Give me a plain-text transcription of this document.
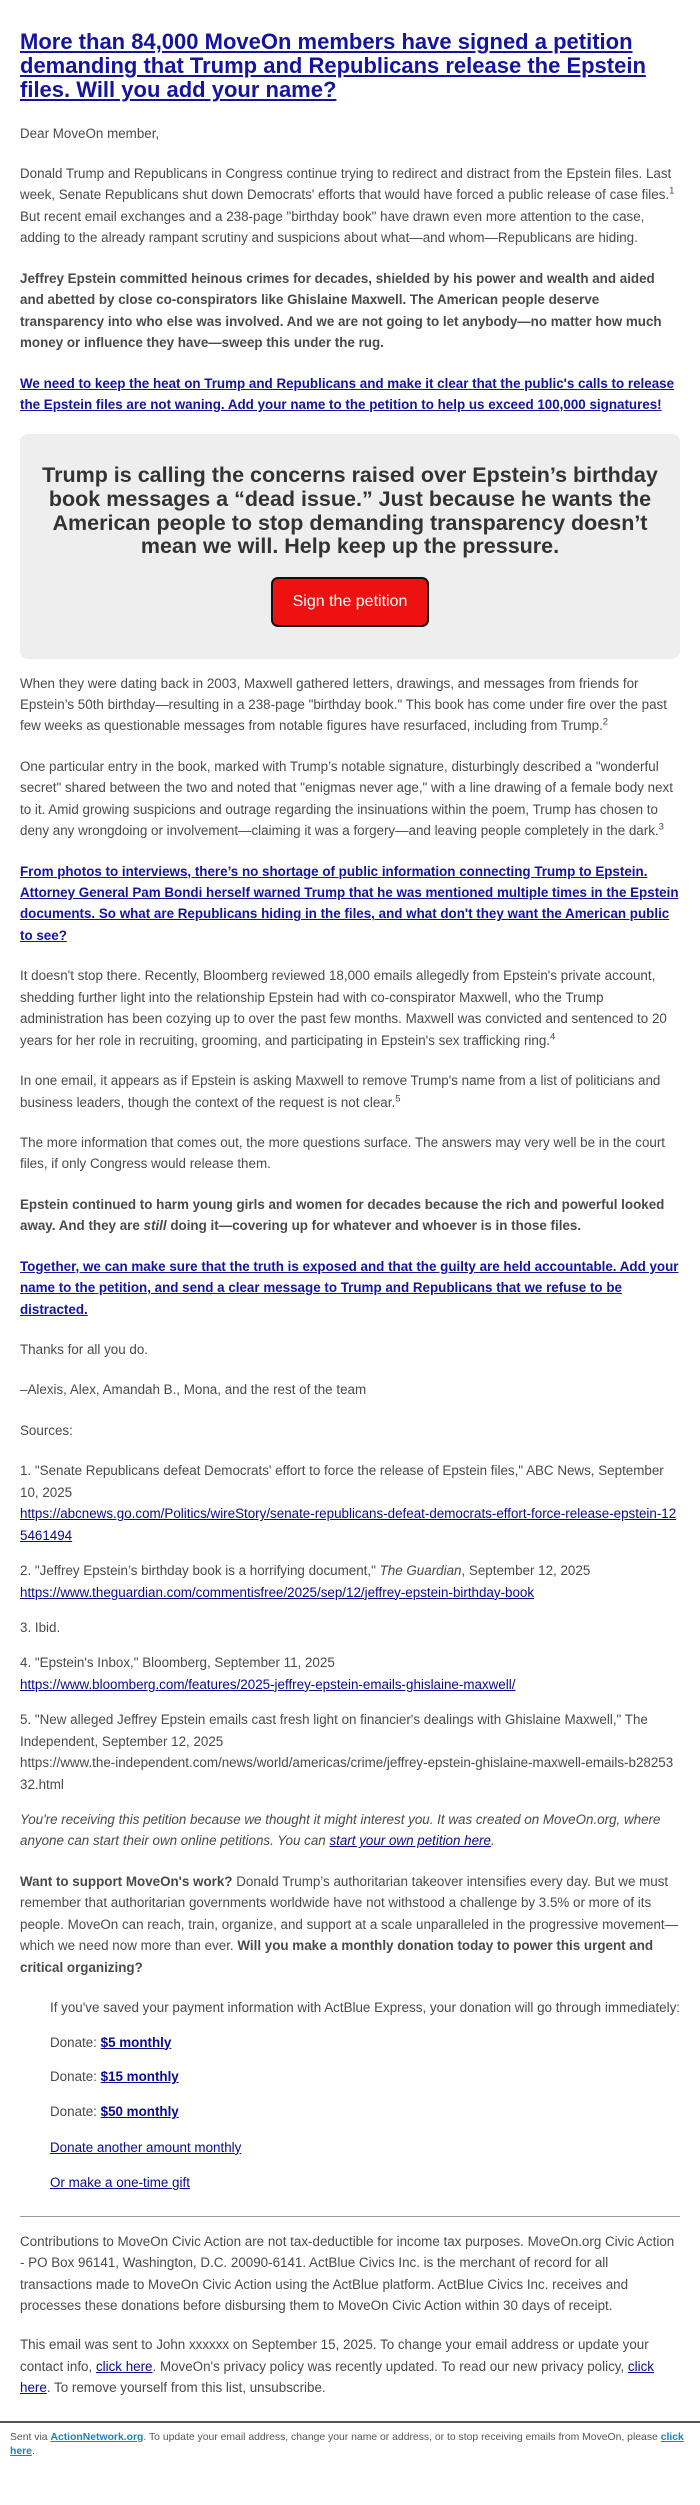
More than 84,000 MoveOn members have signed a petition demanding that Trump and Republicans release the Epstein files. Will you add your name?

Dear MoveOn member,

Donald Trump and Republicans in Congress continue trying to redirect and distract from the Epstein files. Last week, Senate Republicans shut down Democrats' efforts that would have forced a public release of case files.$^1$ But recent email exchanges and a 238-page "birthday book" have drawn even more attention to the case, adding to the already rampant scrutiny and suspicions about what—and whom—Republicans are hiding.

Jeffrey Epstein committed heinous crimes for decades, shielded by his power and wealth and aided and abetted by close co-conspirators like Ghislaine Maxwell. The American people deserve transparency into who else was involved. And we are not going to let anybody—no matter how much money or influence they have—sweep this under the rug.

We need to keep the heat on Trump and Republicans and make it clear that the public's calls to release the Epstein files are not waning. Add your name to the petition to help us exceed 100,000 signatures!

Trump is calling the concerns raised over Epstein’s birthday book messages a “dead issue.” Just because he wants the American people to stop demanding transparency doesn’t mean we will. Help keep up the pressure.
Sign the petition

When they were dating back in 2003, Maxwell gathered letters, drawings, and messages from friends for Epstein’s 50th birthday—resulting in a 238-page "birthday book." This book has come under fire over the past few weeks as questionable messages from notable figures have resurfaced, including from Trump.$^2$

One particular entry in the book, marked with Trump’s notable signature, disturbingly described a "wonderful secret" shared between the two and noted that "enigmas never age," with a line drawing of a female body next to it. Amid growing suspicions and outrage regarding the insinuations within the poem, Trump has chosen to deny any wrongdoing or involvement—claiming it was a forgery—and leaving people completely in the dark.$^3$

From photos to interviews, there’s no shortage of public information connecting Trump to Epstein. Attorney General Pam Bondi herself warned Trump that he was mentioned multiple times in the Epstein documents. So what are Republicans hiding in the files, and what don't they want the American public to see?

It doesn't stop there. Recently, Bloomberg reviewed 18,000 emails allegedly from Epstein's private account, shedding further light into the relationship Epstein had with co-conspirator Maxwell, who the Trump administration has been cozying up to over the past few months. Maxwell was convicted and sentenced to 20 years for her role in recruiting, grooming, and participating in Epstein's sex trafficking ring.$^4$

In one email, it appears as if Epstein is asking Maxwell to remove Trump's name from a list of politicians and business leaders, though the context of the request is not clear.$^5$

The more information that comes out, the more questions surface. The answers may very well be in the court files, if only Congress would release them.

Epstein continued to harm young girls and women for decades because the rich and powerful looked away. And they are still doing it—covering up for whatever and whoever is in those files.

Together, we can make sure that the truth is exposed and that the guilty are held accountable. Add your name to the petition, and send a clear message to Trump and Republicans that we refuse to be distracted.

Thanks for all you do.

–Alexis, Alex, Amandah B., Mona, and the rest of the team

Sources:

1. "Senate Republicans defeat Democrats' effort to force the release of Epstein files," ABC News, September 10, 2025
https://abcnews.go.com/Politics/wireStory/senate-republicans-defeat-democrats-effort-force-release-epstein-125461494

2. "Jeffrey Epstein’s birthday book is a horrifying document," The Guardian, September 12, 2025
https://www.theguardian.com/commentisfree/2025/sep/12/jeffrey-epstein-birthday-book

3. Ibid.

4. "Epstein's Inbox," Bloomberg, September 11, 2025
https://www.bloomberg.com/features/2025-jeffrey-epstein-emails-ghislaine-maxwell/

5. "New alleged Jeffrey Epstein emails cast fresh light on financier's dealings with Ghislaine Maxwell," The Independent, September 12, 2025
https://www.the-independent.com/news/world/americas/crime/jeffrey-epstein-ghislaine-maxwell-emails-b2825332.html

You're receiving this petition because we thought it might interest you. It was created on MoveOn.org, where anyone can start their own online petitions. You can start your own petition here.

Want to support MoveOn's work? Donald Trump’s authoritarian takeover intensifies every day. But we must remember that authoritarian governments worldwide have not withstood a challenge by 3.5% or more of its people. MoveOn can reach, train, organize, and support at a scale unparalleled in the progressive movement—which we need now more than ever. Will you make a monthly donation today to power this urgent and critical organizing?

If you've saved your payment information with ActBlue Express, your donation will go through immediately:

Donate: $5 monthly

Donate: $15 monthly

Donate: $50 monthly

Donate another amount monthly

Or make a one-time gift

Contributions to MoveOn Civic Action are not tax-deductible for income tax purposes. MoveOn.org Civic Action - PO Box 96141, Washington, D.C. 20090-6141. ActBlue Civics Inc. is the merchant of record for all transactions made to MoveOn Civic Action using the ActBlue platform. ActBlue Civics Inc. receives and processes these donations before disbursing them to MoveOn Civic Action within 30 days of receipt.

This email was sent to John xxxxxx on September 15, 2025. To change your email address or update your contact info, click here. MoveOn's privacy policy was recently updated. To read our new privacy policy, click here. To remove yourself from this list, unsubscribe.

Sent via ActionNetwork.org. To update your email address, change your name or address, or to stop receiving emails from MoveOn, please click here.
